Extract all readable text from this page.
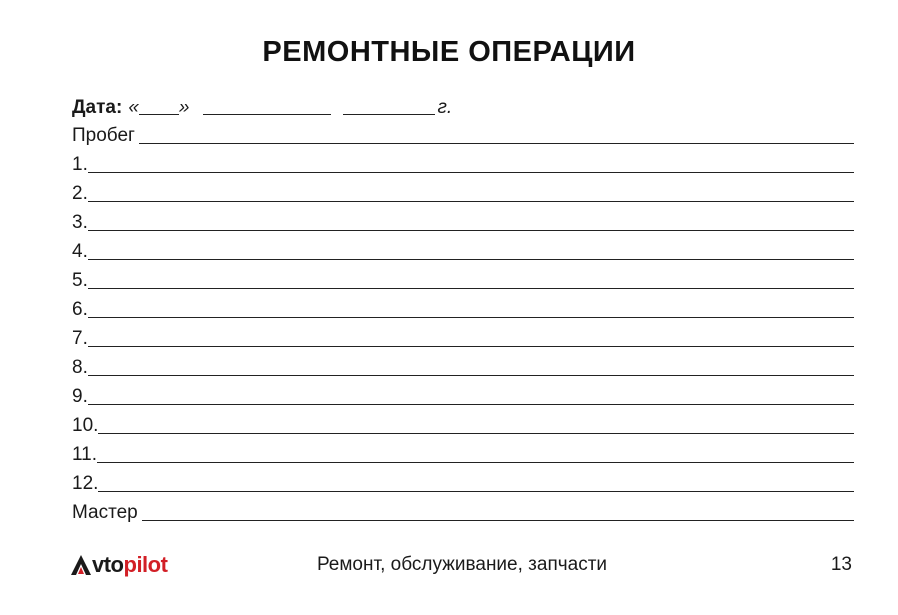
РЕМОНТНЫЕ ОПЕРАЦИИ
Дата: « »	г.
Пробег
1.
2.
3.
4.
5.
6.
7.
8.
9.
10.
11.
12.
Мастер
vto pilot	Ремонт, обслуживание, запчасти	13
